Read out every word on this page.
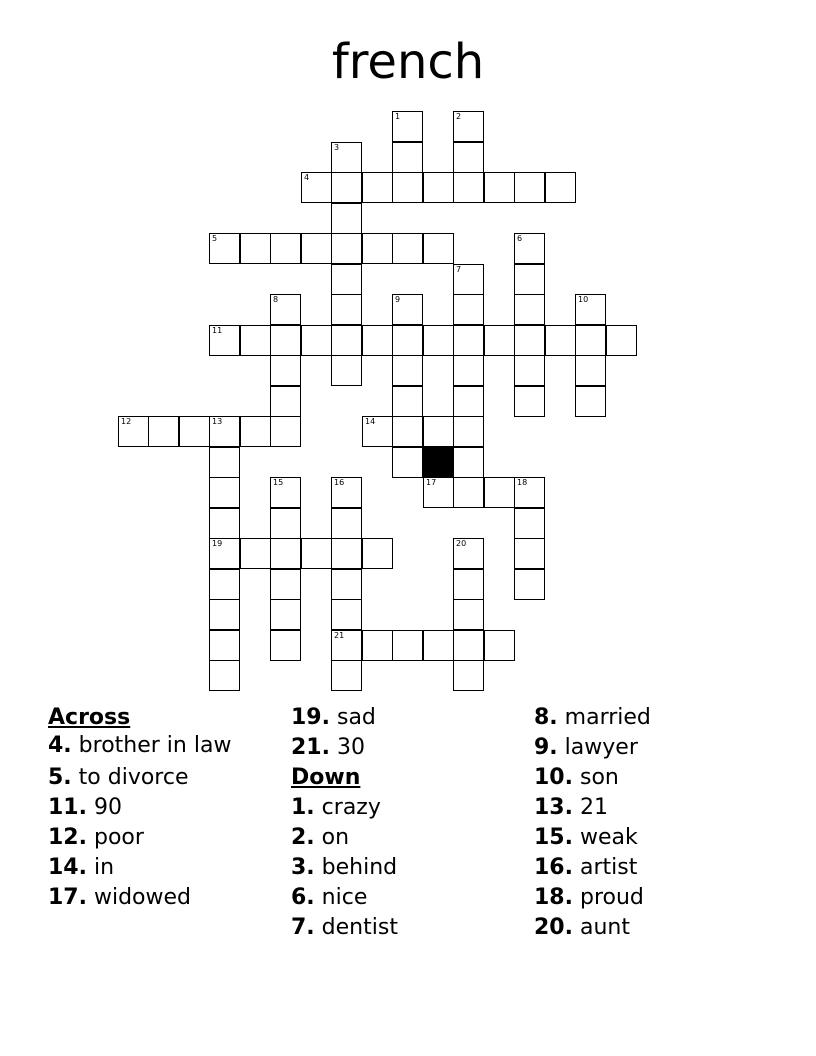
french
1	2
3
4
5	6
7
8	9	10
11
12	13	14
15	16	17	18
19	20
21
Across
4. brother in law
5. to divorce
11. 90
12. poor
14. in
17. widowed
19. sad
21. 30
Down
1. crazy
2. on
3. behind
6. nice
7. dentist
8. married
9. lawyer
10. son
13. 21
15. weak
16. artist
18. proud
20. aunt
